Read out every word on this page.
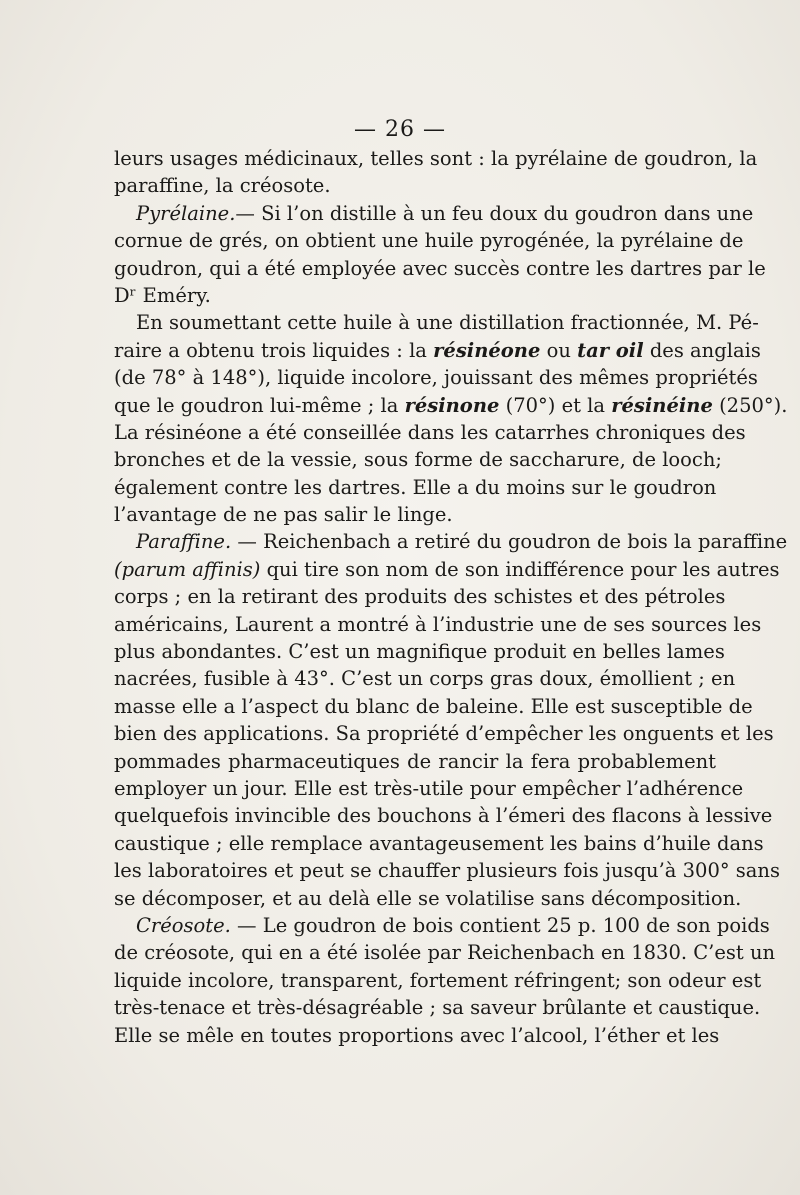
— 26 —
leurs usages médicinaux, telles sont : la pyrélaine de goudron, la
paraffine, la créosote.
Pyrélaine.— Si l’on distille à un feu doux du goudron dans une
cornue de grés, on obtient une huile pyrogénée, la pyrélaine de
goudron, qui a été employée avec succès contre les dartres par le
Dʳ Eméry.
En soumettant cette huile à une distillation fractionnée, M. Pé-
raire a obtenu trois liquides : la résinéone ou tar oil des anglais
(de 78° à 148°), liquide incolore, jouissant des mêmes propriétés
que le goudron lui-même ; la résinone (70°) et la résinéine (250°).
La résinéone a été conseillée dans les catarrhes chroniques des
bronches et de la vessie, sous forme de saccharure, de looch;
également contre les dartres. Elle a du moins sur le goudron
l’avantage de ne pas salir le linge.
Paraffine. — Reichenbach a retiré du goudron de bois la paraffine
(parum affinis) qui tire son nom de son indifférence pour les autres
corps ; en la retirant des produits des schistes et des pétroles
américains, Laurent a montré à l’industrie une de ses sources les
plus abondantes. C’est un magnifique produit en belles lames
nacrées, fusible à 43°. C’est un corps gras doux, émollient ; en
masse elle a l’aspect du blanc de baleine. Elle est susceptible de
bien des applications. Sa propriété d’empêcher les onguents et les
pommades pharmaceutiques de rancir la fera probablement
employer un jour. Elle est très-utile pour empêcher l’adhérence
quelquefois invincible des bouchons à l’émeri des flacons à lessive
caustique ; elle remplace avantageusement les bains d’huile dans
les laboratoires et peut se chauffer plusieurs fois jusqu’à 300° sans
se décomposer, et au delà elle se volatilise sans décomposition.
Créosote. — Le goudron de bois contient 25 p. 100 de son poids
de créosote, qui en a été isolée par Reichenbach en 1830. C’est un
liquide incolore, transparent, fortement réfringent; son odeur est
très-tenace et très-désagréable ; sa saveur brûlante et caustique.
Elle se mêle en toutes proportions avec l’alcool, l’éther et les
